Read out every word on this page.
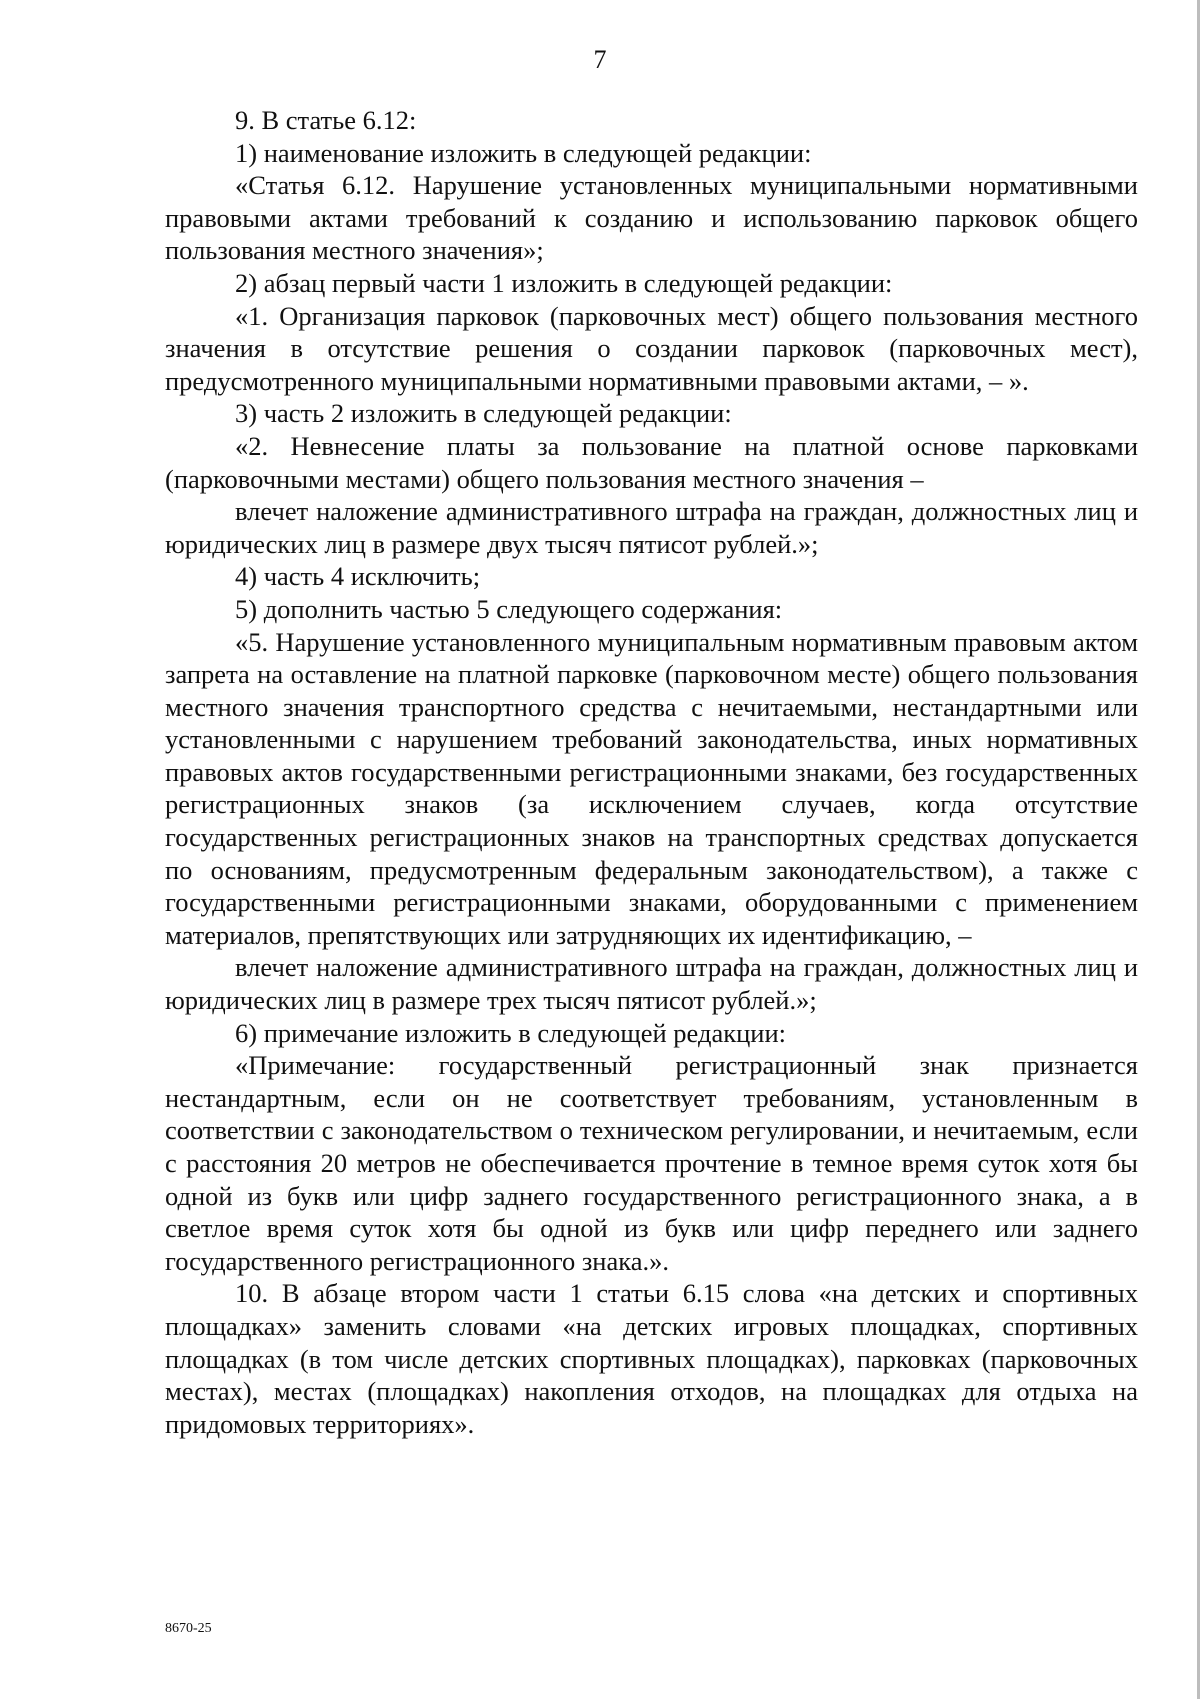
7

9. В статье 6.12:

1) наименование изложить в следующей редакции:

«Статья 6.12. Нарушение установленных муниципальными нормативными правовыми актами требований к созданию и использованию парковок общего пользования местного значения»;

2) абзац первый части 1 изложить в следующей редакции:

«1. Организация парковок (парковочных мест) общего пользования местного значения в отсутствие решения о создании парковок (парковочных мест), предусмотренного муниципальными нормативными правовыми актами, – ».

3) часть 2 изложить в следующей редакции:

«2. Невнесение платы за пользование на платной основе парковками (парковочными местами) общего пользования местного значения –

влечет наложение административного штрафа на граждан, должностных лиц и юридических лиц в размере двух тысяч пятисот рублей.»;

4) часть 4 исключить;

5) дополнить частью 5 следующего содержания:

«5. Нарушение установленного муниципальным нормативным правовым актом запрета на оставление на платной парковке (парковочном месте) общего пользования местного значения транспортного средства с нечитаемыми, нестандартными или установленными с нарушением требований законодательства, иных нормативных правовых актов государственными регистрационными знаками, без государственных регистрационных знаков (за исключением случаев, когда отсутствие государственных регистрационных знаков на транспортных средствах допускается по основаниям, предусмотренным федеральным законодательством), а также с государственными регистрационными знаками, оборудованными с применением материалов, препятствующих или затрудняющих их идентификацию, –

влечет наложение административного штрафа на граждан, должностных лиц и юридических лиц в размере трех тысяч пятисот рублей.»;

6) примечание изложить в следующей редакции:

«Примечание: государственный регистрационный знак признается нестандартным, если он не соответствует требованиям, установленным в соответствии с законодательством о техническом регулировании, и нечитаемым, если с расстояния 20 метров не обеспечивается прочтение в темное время суток хотя бы одной из букв или цифр заднего государственного регистрационного знака, а в светлое время суток хотя бы одной из букв или цифр переднего или заднего государственного регистрационного знака.».

10. В абзаце втором части 1 статьи 6.15 слова «на детских и спортивных площадках» заменить словами «на детских игровых площадках, спортивных площадках (в том числе детских спортивных площадках), парковках (парковочных местах), местах (площадках) накопления отходов, на площадках для отдыха на придомовых территориях».

8670-25
